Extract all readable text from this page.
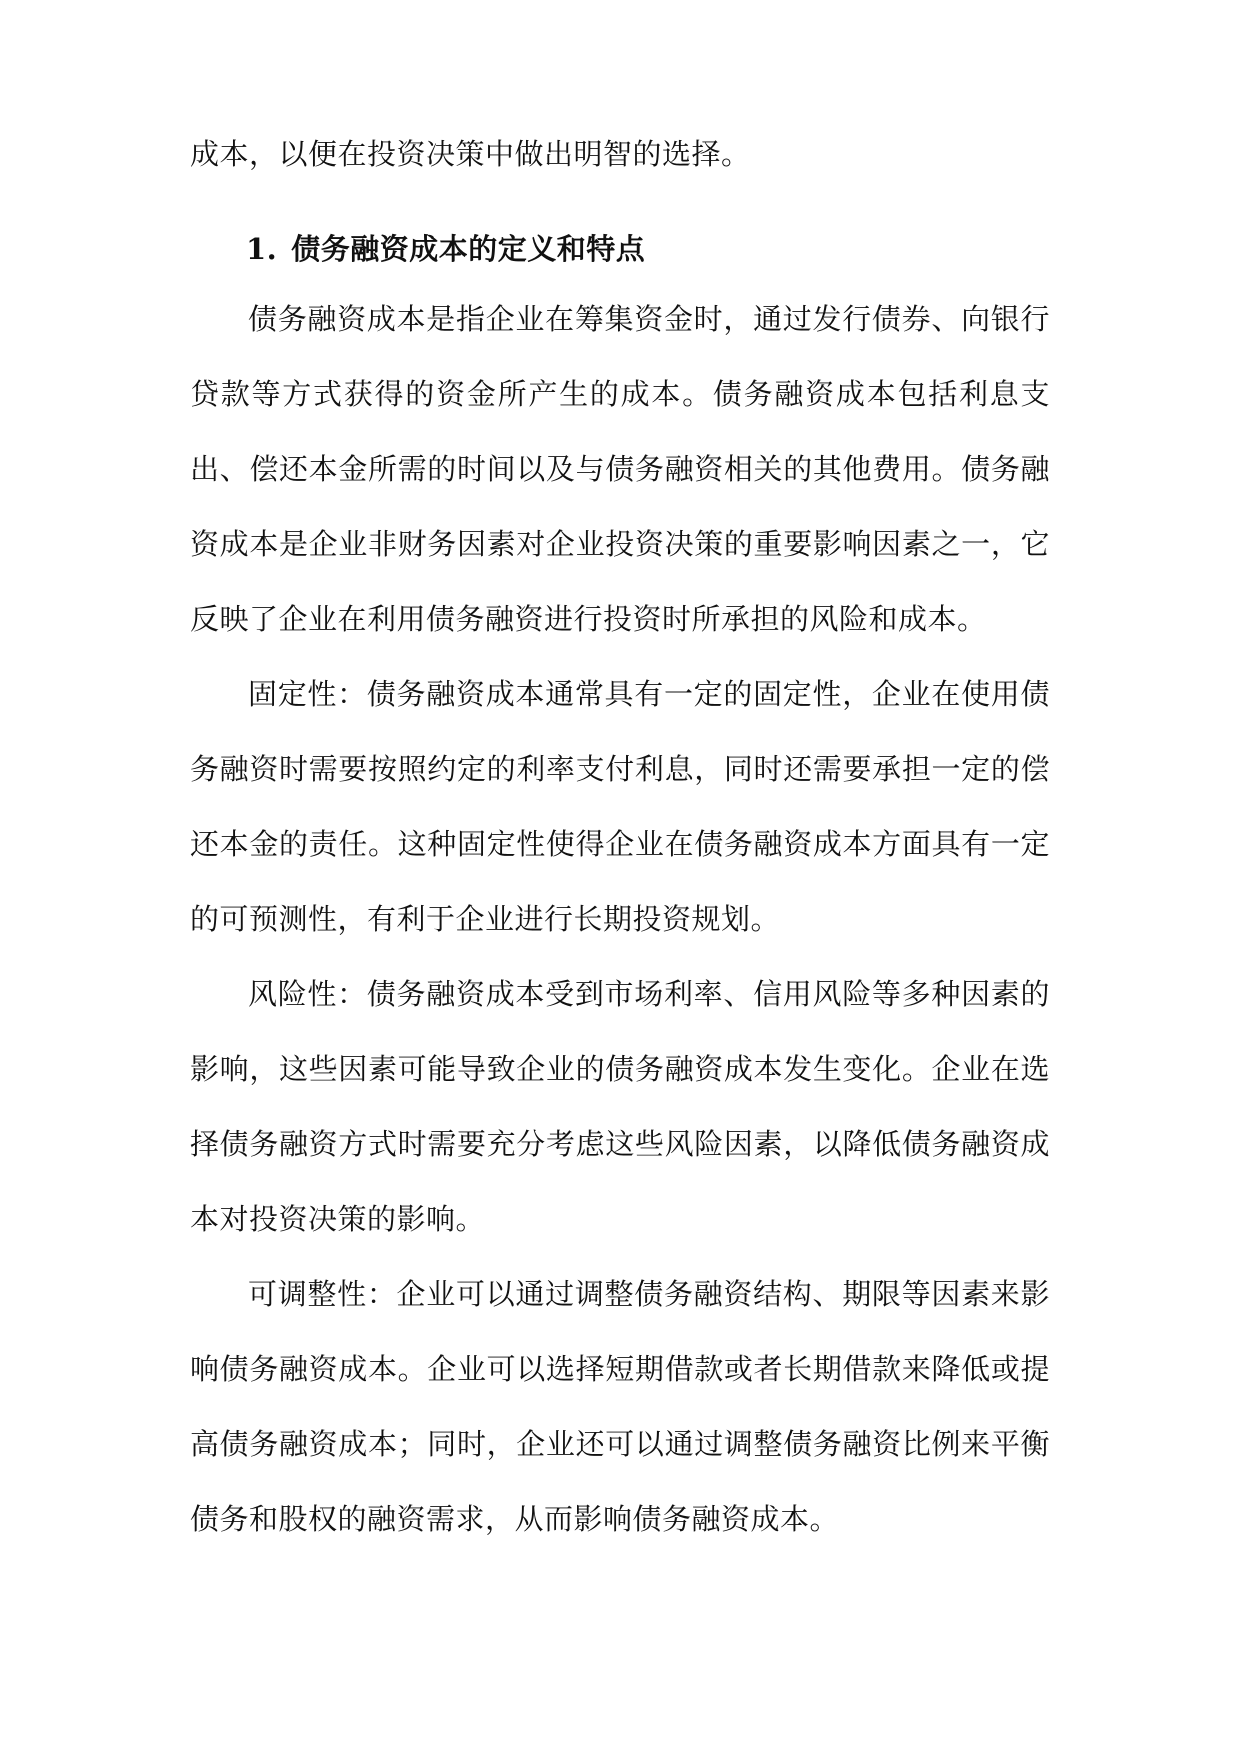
成本，以便在投资决策中做出明智的选择。

1. 债务融资成本的定义和特点

债务融资成本是指企业在筹集资金时，通过发行债券、向银行贷款等方式获得的资金所产生的成本。债务融资成本包括利息支出、偿还本金所需的时间以及与债务融资相关的其他费用。债务融资成本是企业非财务因素对企业投资决策的重要影响因素之一，它反映了企业在利用债务融资进行投资时所承担的风险和成本。

固定性：债务融资成本通常具有一定的固定性，企业在使用债务融资时需要按照约定的利率支付利息，同时还需要承担一定的偿还本金的责任。这种固定性使得企业在债务融资成本方面具有一定的可预测性，有利于企业进行长期投资规划。

风险性：债务融资成本受到市场利率、信用风险等多种因素的影响，这些因素可能导致企业的债务融资成本发生变化。企业在选择债务融资方式时需要充分考虑这些风险因素，以降低债务融资成本对投资决策的影响。

可调整性：企业可以通过调整债务融资结构、期限等因素来影响债务融资成本。企业可以选择短期借款或者长期借款来降低或提高债务融资成本；同时，企业还可以通过调整债务融资比例来平衡债务和股权的融资需求，从而影响债务融资成本。
